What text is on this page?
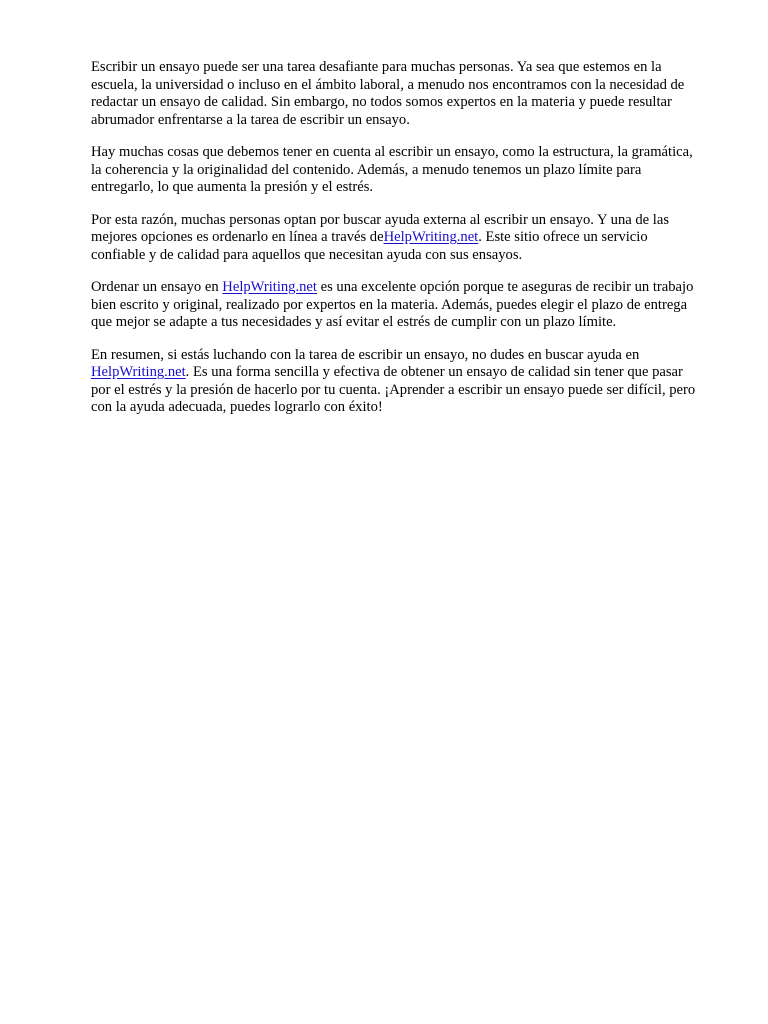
Escribir un ensayo puede ser una tarea desafiante para muchas personas. Ya sea que estemos en la escuela, la universidad o incluso en el ámbito laboral, a menudo nos encontramos con la necesidad de redactar un ensayo de calidad. Sin embargo, no todos somos expertos en la materia y puede resultar abrumador enfrentarse a la tarea de escribir un ensayo.

Hay muchas cosas que debemos tener en cuenta al escribir un ensayo, como la estructura, la gramática, la coherencia y la originalidad del contenido. Además, a menudo tenemos un plazo límite para entregarlo, lo que aumenta la presión y el estrés.

Por esta razón, muchas personas optan por buscar ayuda externa al escribir un ensayo. Y una de las mejores opciones es ordenarlo en línea a través deHelpWriting.net. Este sitio ofrece un servicio confiable y de calidad para aquellos que necesitan ayuda con sus ensayos.

Ordenar un ensayo en HelpWriting.net es una excelente opción porque te aseguras de recibir un trabajo bien escrito y original, realizado por expertos en la materia. Además, puedes elegir el plazo de entrega que mejor se adapte a tus necesidades y así evitar el estrés de cumplir con un plazo límite.

En resumen, si estás luchando con la tarea de escribir un ensayo, no dudes en buscar ayuda en HelpWriting.net. Es una forma sencilla y efectiva de obtener un ensayo de calidad sin tener que pasar por el estrés y la presión de hacerlo por tu cuenta. ¡Aprender a escribir un ensayo puede ser difícil, pero con la ayuda adecuada, puedes lograrlo con éxito!
